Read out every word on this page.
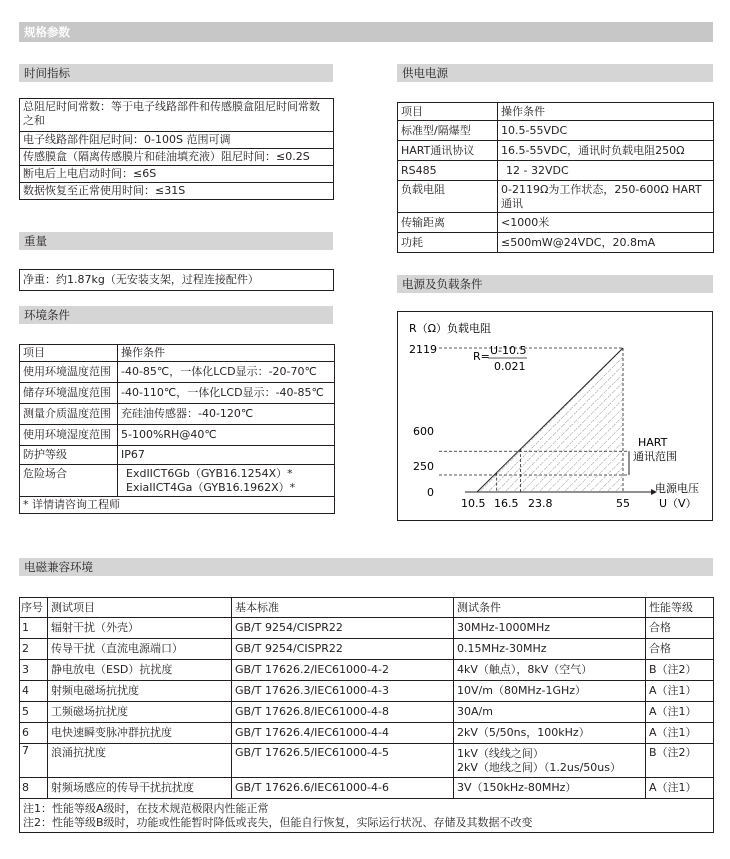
规格参数
时间指标
总阻尼时间常数：等于电子线路部件和传感膜盒阻尼时间常数之和
电子线路部件阻尼时间：0-100S 范围可调
传感膜盒（隔离传感膜片和硅油填充液）阻尼时间：≤0.2S
断电后上电启动时间：≤6S
数据恢复至正常使用时间：≤31S
重量
净重：约1.87kg（无安装支架，过程连接配件）
环境条件
项目	操作条件
使用环境温度范围	-40-85℃，一体化LCD显示：-20-70℃
储存环境温度范围	-40-110℃，一体化LCD显示：-40-85℃
测量介质温度范围	充硅油传感器：-40-120℃
使用环境湿度范围	5-100%RH@40℃
防护等级	IP67
危险场合	ExdIICT6Gb（GYB16.1254X）*
ExiaIICT4Ga（GYB16.1962X）*

* 详情请咨询工程师	
供电电源
项目	操作条件
标准型/隔爆型	10.5-55VDC
HART通讯协议	16.5-55VDC，通讯时负载电阻250Ω
RS485	12 - 32VDC
负载电阻	0-2119Ω为工作状态，250-600Ω HART通讯
传输距离	<1000米
功耗	≤500mW@24VDC，20.8mA
电源及负载条件
R（Ω）负载电阻
电源电压
U（V）
2119
600
250
0
10.5 16.5 23.8	55
R= U-10.5
0.021
HART
通讯范围
电磁兼容环境
序号	测试项目	基本标准	测试条件	性能等级
1	辐射干扰（外壳）	GB/T 9254/CISPR22	30MHz-1000MHz	合格
2	传导干扰（直流电源端口）	GB/T 9254/CISPR22	0.15MHz-30MHz	合格
3	静电放电（ESD）抗扰度	GB/T 17626.2/IEC61000-4-2	4kV（触点），8kV（空气）	B（注2）
4	射频电磁场抗扰度	GB/T 17626.3/IEC61000-4-3	10V/m（80MHz-1GHz）	A（注1）
5	工频磁场抗扰度	GB/T 17626.8/IEC61000-4-8	30A/m	A（注1）
6	电快速瞬变脉冲群抗扰度	GB/T 17626.4/IEC61000-4-4	2kV（5/50ns，100kHz）	A（注1）
7	浪涌抗扰度	GB/T 17626.5/IEC61000-4-5	1kV（线线之间）
2kV（地线之间）（1.2us/50us）	B（注2）
8	射频场感应的传导干扰抗扰度	GB/T 17626.6/IEC61000-4-6	3V（150kHz-80MHz）	A（注1）

注1：性能等级A级时，在技术规范极限内性能正常
注2：性能等级B级时，功能或性能暂时降低或丧失，但能自行恢复，实际运行状况、存储及其数据不改变				
